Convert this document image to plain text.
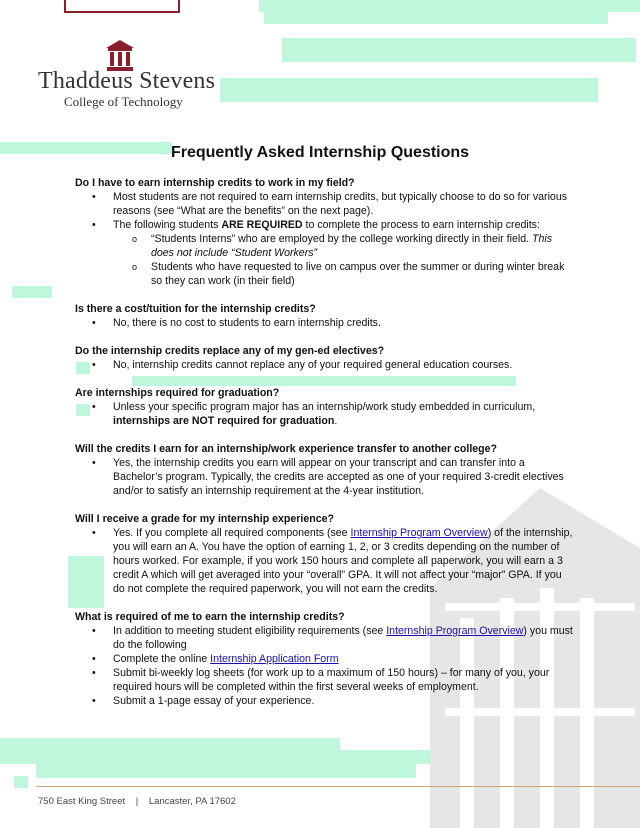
Thaddeus Stevens
College of Technology
Frequently Asked Internship Questions

Do I have to earn internship credits to work in my field?

• Most students are not required to earn internship credits, but typically choose to do so for various reasons (see “What are the benefits” on the next page).
• The following students ARE REQUIRED to complete the process to earn internship credits:
o “Students Interns” who are employed by the college working directly in their field. This does not include “Student Workers”
o Students who have requested to live on campus over the summer or during winter break so they can work (in their field)

Is there a cost/tuition for the internship credits?

• No, there is no cost to students to earn internship credits.

Do the internship credits replace any of my gen-ed electives?

• No, internship credits cannot replace any of your required general education courses.

Are internships required for graduation?

• Unless your specific program major has an internship/work study embedded in curriculum, internships are NOT required for graduation.

Will the credits I earn for an internship/work experience transfer to another college?

• Yes, the internship credits you earn will appear on your transcript and can transfer into a Bachelor’s program. Typically, the credits are accepted as one of your required 3-credit electives and/or to satisfy an internship requirement at the 4-year institution.

Will I receive a grade for my internship experience?

• Yes. If you complete all required components (see Internship Program Overview) of the internship, you will earn an A. You have the option of earning 1, 2, or 3 credits depending on the number of hours worked. For example, if you work 150 hours and complete all paperwork, you will earn a 3 credit A which will get averaged into your “overall” GPA. It will not affect your “major” GPA. If you do not complete the required paperwork, you will not earn the credits.

What is required of me to earn the internship credits?

• In addition to meeting student eligibility requirements (see Internship Program Overview) you must do the following
• Complete the online Internship Application Form
• Submit bi-weekly log sheets (for work up to a maximum of 150 hours) – for many of you, your required hours will be completed within the first several weeks of employment.
• Submit a 1-page essay of your experience.
750 East King Street | Lancaster, PA 17602
